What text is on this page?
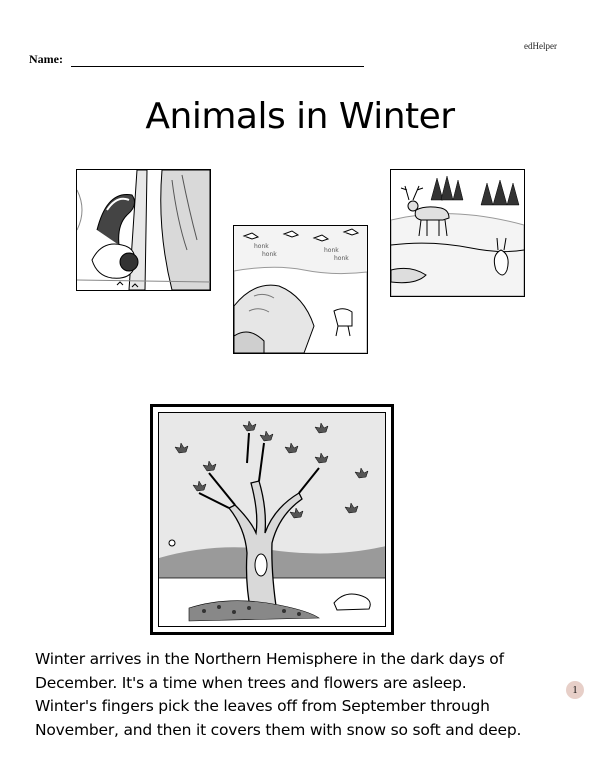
edHelper
Name:
Animals in Winter
honk
honk
honk
honk
Winter arrives in the Northern Hemisphere in the dark days of
December. It's a time when trees and flowers are asleep.
Winter's fingers pick the leaves off from September through
November, and then it covers them with snow so soft and deep.
1
